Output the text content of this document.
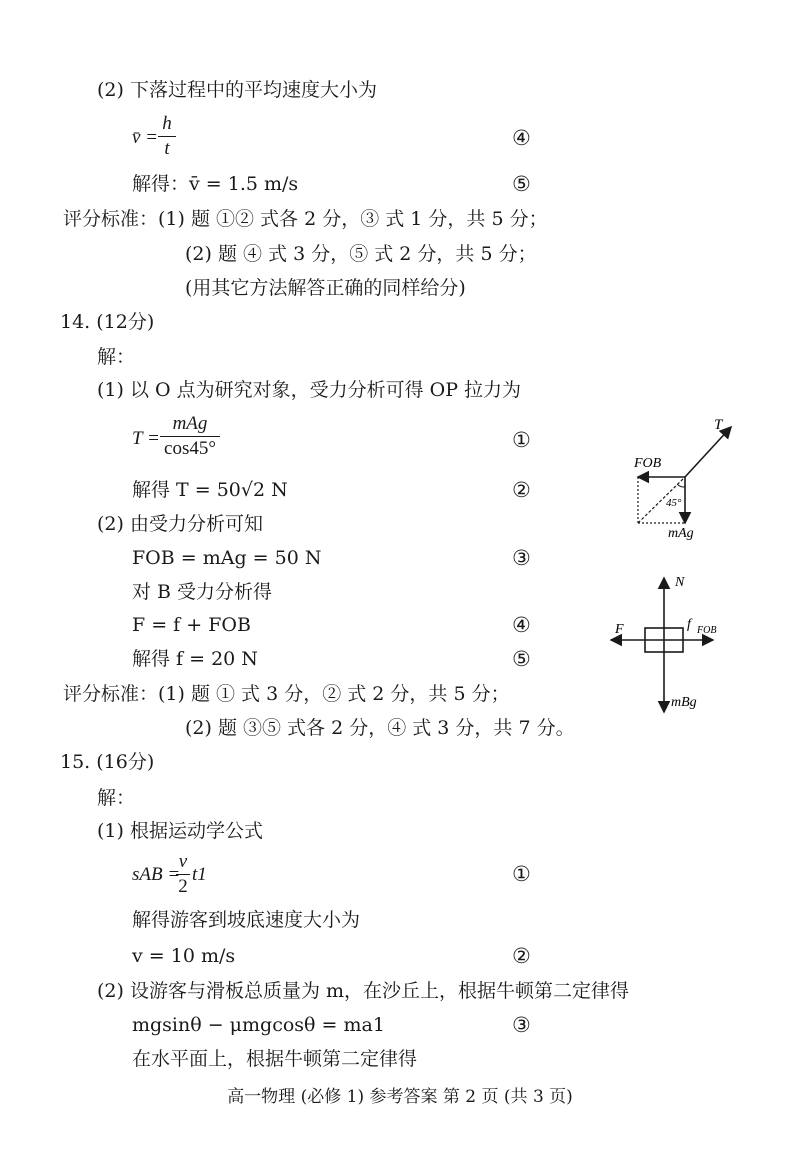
(2) 下落过程中的平均速度大小为
v̄ =
h
t	④
解得：v̄ = 1.5 m/s	⑤
评分标准：(1) 题 ①② 式各 2 分，③ 式 1 分，共 5 分；
(2) 题 ④ 式 3 分，⑤ 式 2 分，共 5 分；
(用其它方法解答正确的同样给分)
14. (12分)
解：
(1) 以 O 点为研究对象，受力分析可得 OP 拉力为
T =
mAg
cos45°	①
解得 T = 50√2 N	②
(2) 由受力分析可知
FOB = mAg = 50 N	③
对 B 受力分析得
F = f + FOB	④
解得 f = 20 N	⑤
评分标准：(1) 题 ① 式 3 分，② 式 2 分，共 5 分；
(2) 题 ③⑤ 式各 2 分，④ 式 3 分，共 7 分。
T
FOB
45°
mAg
N
F	f FOB
mBg
15. (16分)
解：
(1) 根据运动学公式
sAB =
v
2
t1	①
解得游客到坡底速度大小为
v = 10 m/s	②
(2) 设游客与滑板总质量为 m，在沙丘上，根据牛顿第二定律得
mgsinθ − μmgcosθ = ma1	③
在水平面上，根据牛顿第二定律得
高一物理 (必修 1) 参考答案 第 2 页 (共 3 页)
